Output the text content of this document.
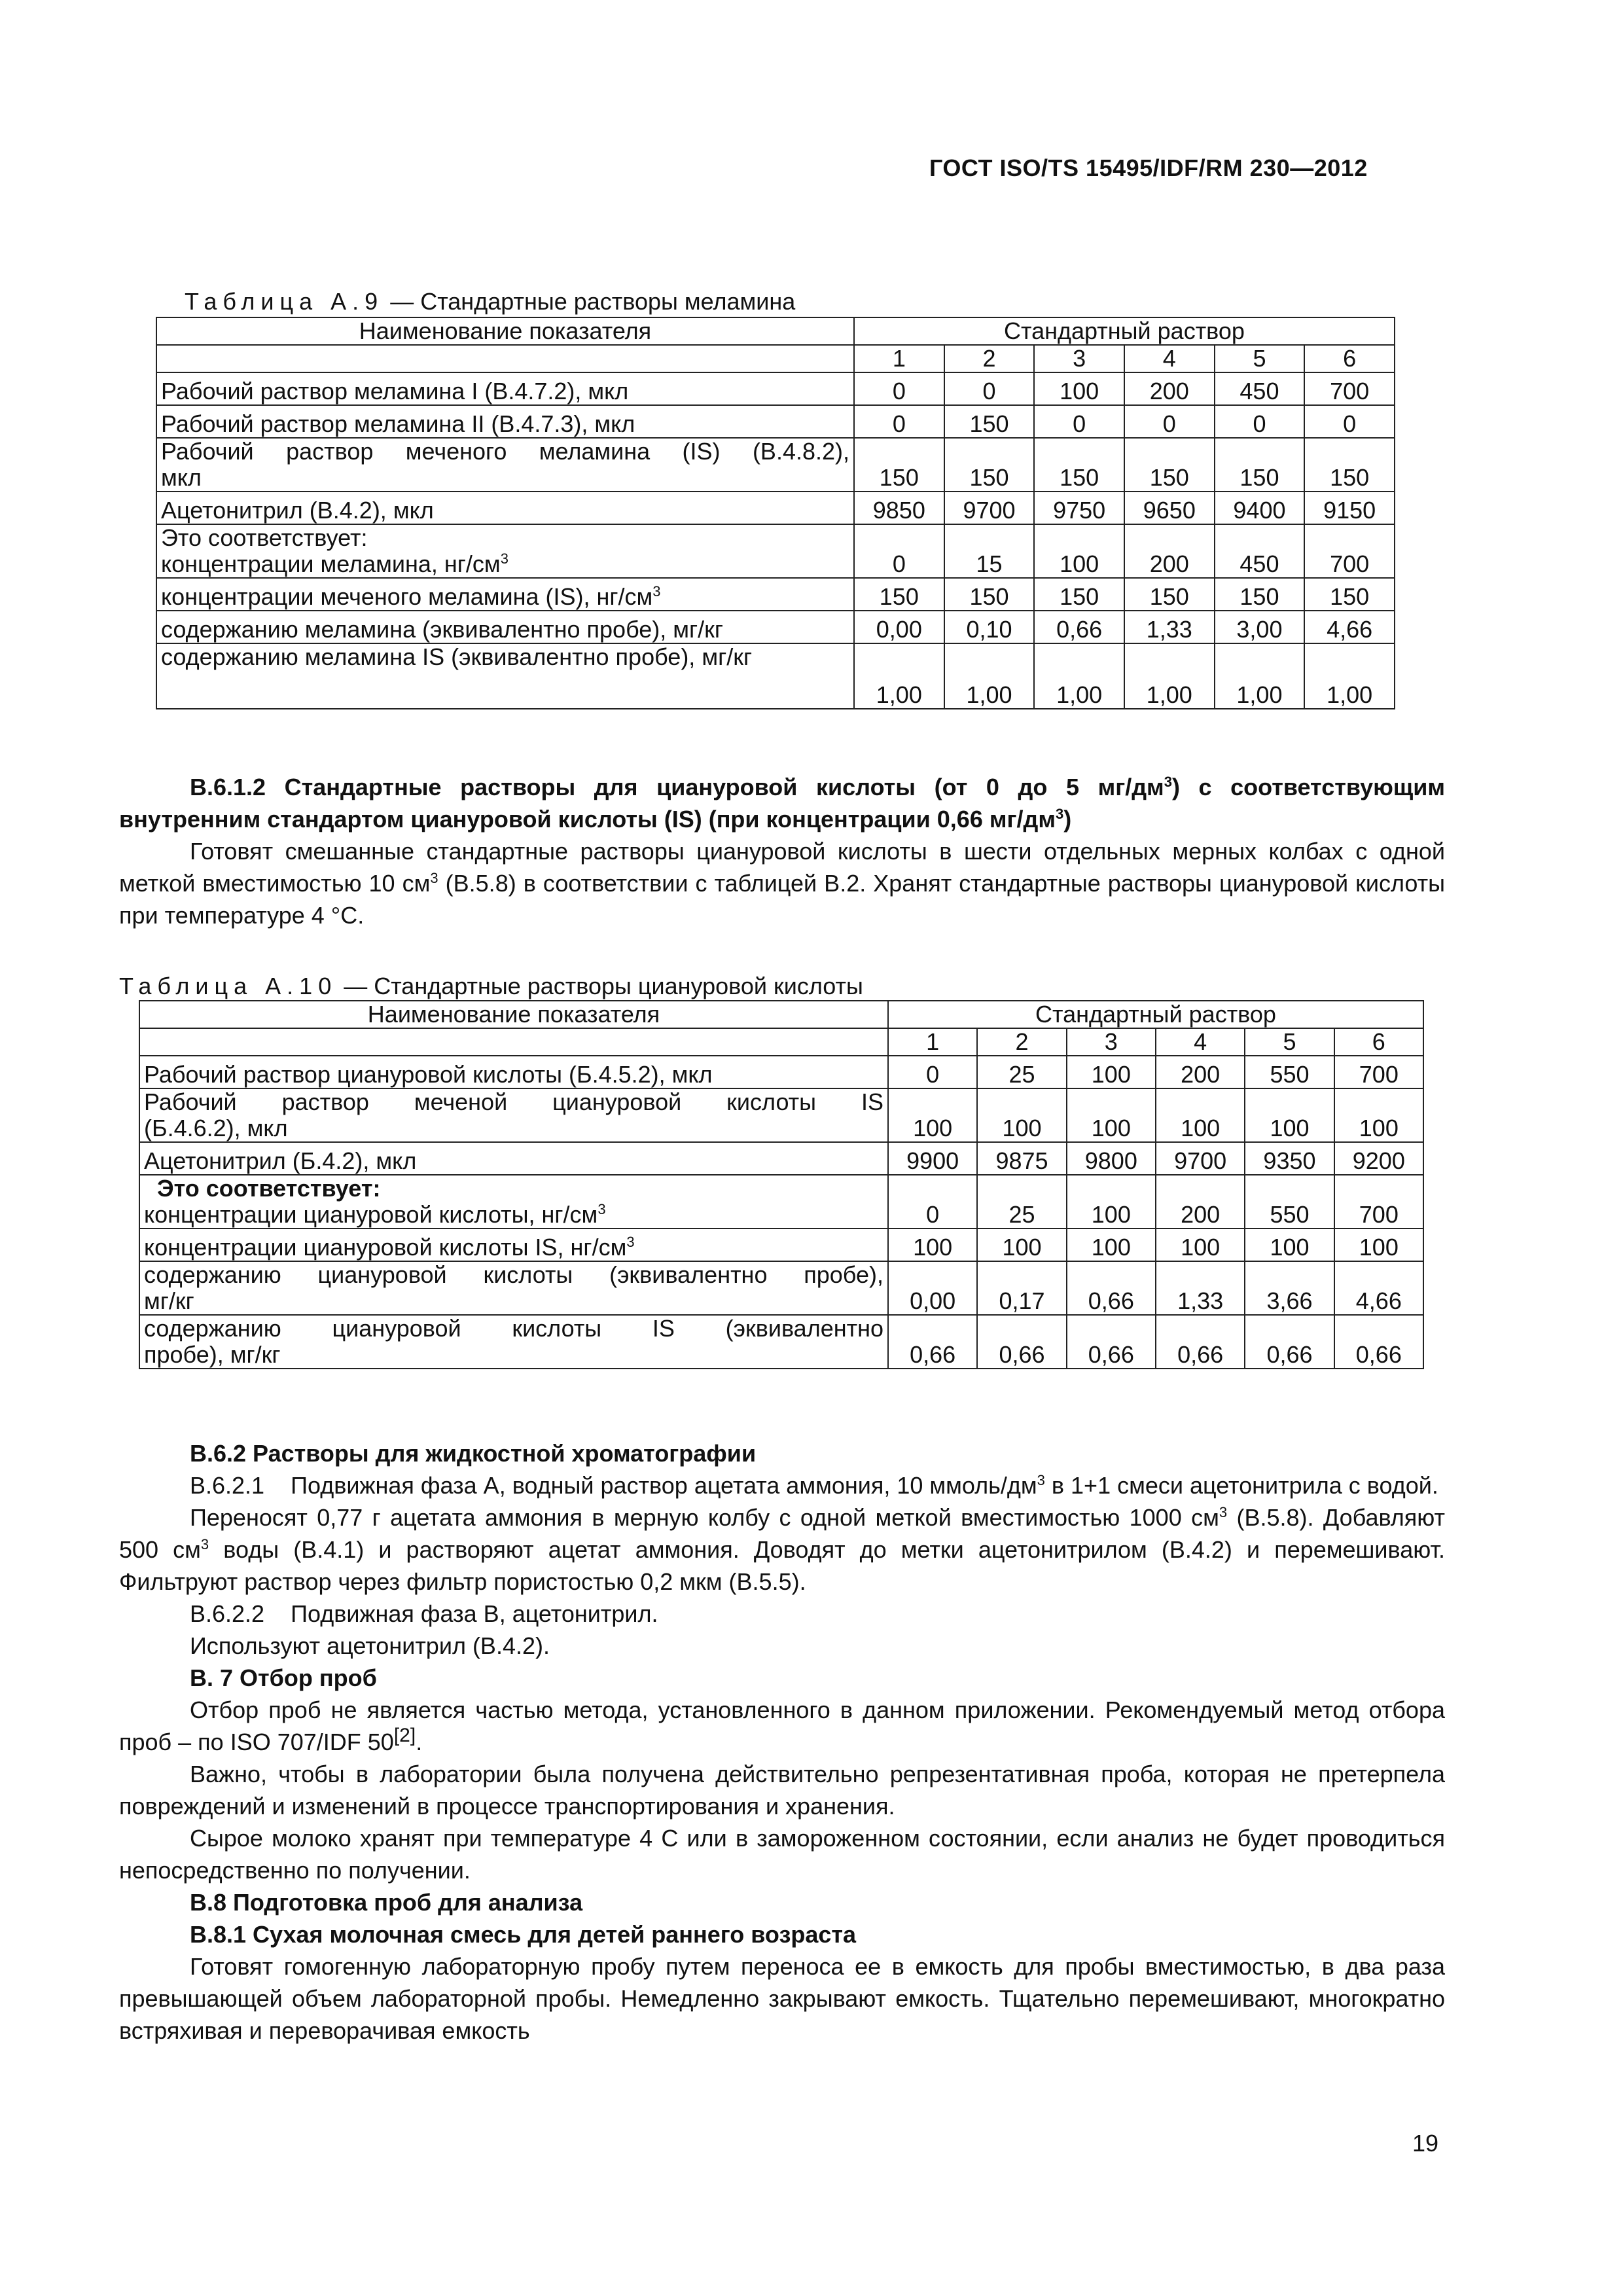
ГОСТ ISO/TS 15495/IDF/RM 230—2012
Таблица А.9 — Стандартные растворы меламина
Наименование показателя	Стандартный раствор					
	1	2	3	4	5	6
Рабочий раствор меламина I (В.4.7.2), мкл	0	0	100	200	450	700
Рабочий раствор меламина II (В.4.7.3), мкл	0	150	0	0	0	0

Рабочий раствор меченого меламина (IS) (В.4.8.2),
мкл	150	150	150	150	150	150
Ацетонитрил (В.4.2), мкл	9850	9700	9750	9650	9400	9150

Это соответствует:
концентрации меламина, $нг/см^3$	0	15	100	200	450	700
концентрации меченого меламина (IS), $нг/см^3$	150	150	150	150	150	150
содержанию меламина (эквивалентно пробе), мг/кг	0,00	0,10	0,66	1,33	3,00	4,66
содержанию меламина IS (эквивалентно пробе), мг/кг	1,00	1,00	1,00	1,00	1,00	1,00

В.6.1.2 Стандартные растворы для циануровой кислоты (от 0 до 5 $мг/дм^3$) с соответствующим внутренним стандартом циануровой кислоты (IS) (при концентрации 0,66 $мг/дм^3$)

Готовят смешанные стандартные растворы циануровой кислоты в шести отдельных мерных колбах с одной меткой вместимостью 10 $см^3$ (В.5.8) в соответствии с таблицей В.2. Хранят стандартные растворы циануровой кислоты при температуре 4 °С.

Таблица А.10 — Стандартные растворы циануровой кислоты
Наименование показателя	Стандартный раствор					
	1	2	3	4	5	6
Рабочий раствор циануровой кислоты (Б.4.5.2), мкл	0	25	100	200	550	700

Рабочий раствор меченой циануровой кислоты IS
(Б.4.6.2), мкл	100	100	100	100	100	100
Ацетонитрил (Б.4.2), мкл	9900	9875	9800	9700	9350	9200

Это соответствует:
концентрации циануровой кислоты, $нг/см^3$	0	25	100	200	550	700
концентрации циануровой кислоты IS, $нг/см^3$	100	100	100	100	100	100

содержанию циануровой кислоты (эквивалентно пробе),
мг/кг	0,00	0,17	0,66	1,33	3,66	4,66

содержанию циануровой кислоты IS (эквивалентно
пробе), мг/кг	0,66	0,66	0,66	0,66	0,66	0,66

В.6.2 Растворы для жидкостной хроматографии

В.6.2.1    Подвижная фаза А, водный раствор ацетата аммония, 10 ммоль/$дм^3$ в 1+1 смеси ацетонитрила с водой.

Переносят 0,77 г ацетата аммония в мерную колбу с одной меткой вместимостью 1000 $см^3$ (В.5.8). Добавляют 500 $см^3$ воды (В.4.1) и растворяют ацетат аммония. Доводят до метки ацетонитрилом (В.4.2) и перемешивают. Фильтруют раствор через фильтр пористостью 0,2 мкм (В.5.5).

В.6.2.2    Подвижная фаза В, ацетонитрил.

Используют ацетонитрил (В.4.2).

В. 7 Отбор проб

Отбор проб не является частью метода, установленного в данном приложении. Рекомендуемый метод отбора проб – по ISO 707/IDF 50[2].

Важно, чтобы в лаборатории была получена действительно репрезентативная проба, которая не претерпела повреждений и изменений в процессе транспортирования и хранения.

Сырое молоко хранят при температуре 4 С или в замороженном состоянии, если анализ не будет проводиться непосредственно по получении.

В.8 Подготовка проб для анализа

В.8.1 Сухая молочная смесь для детей раннего возраста

Готовят гомогенную лабораторную пробу путем переноса ее в емкость для пробы вместимостью, в два раза превышающей объем лабораторной пробы. Немедленно закрывают емкость. Тщательно перемешивают, многократно встряхивая и переворачивая емкость

19
